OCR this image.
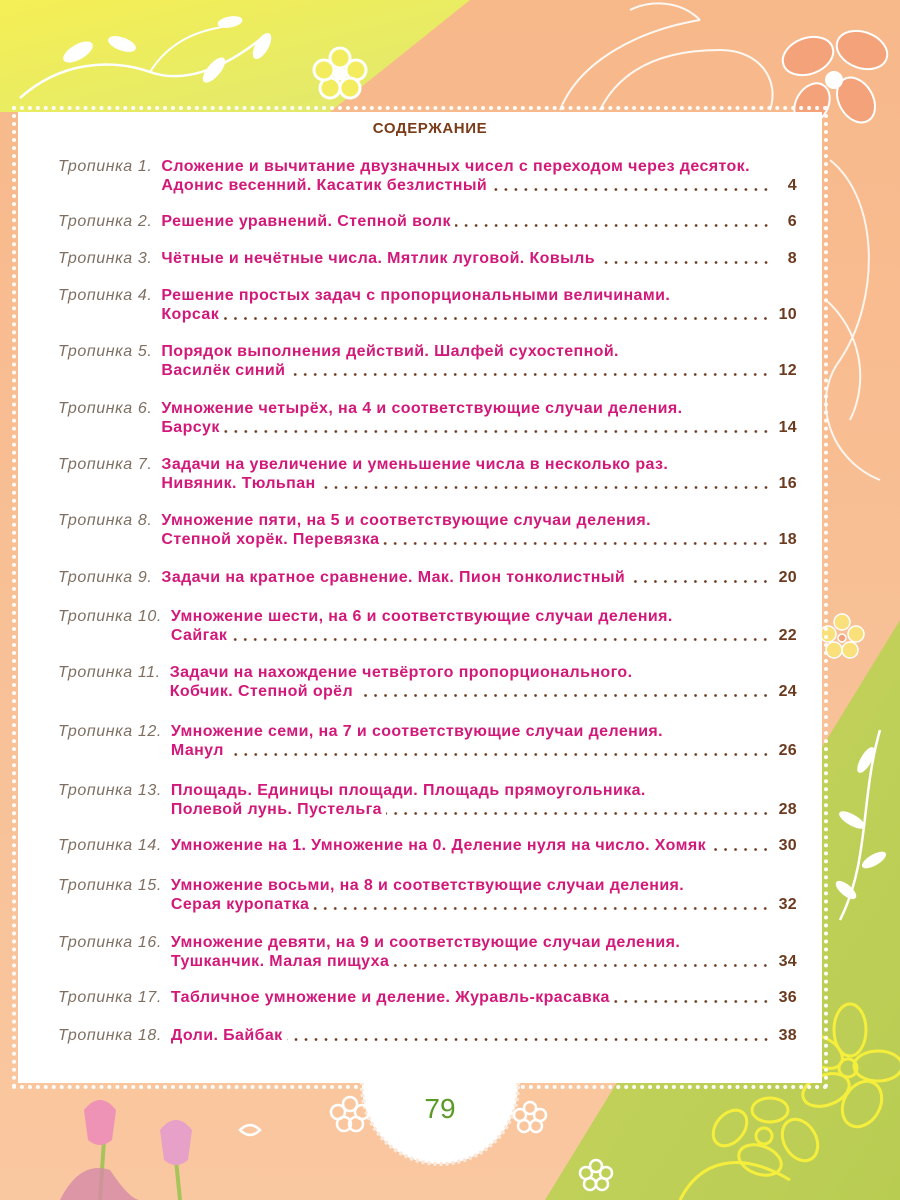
СОДЕРЖАНИЕ
Тропинка 1. Сложение и вычитание двузначных чисел с переходом через десяток.
Адонис весенний. Касатик безлистный	4
Тропинка 2. Решение уравнений. Степной волк	6
Тропинка 3. Чётные и нечётные числа. Мятлик луговой. Ковыль	8
Тропинка 4. Решение простых задач с пропорциональными величинами.
Корсак	10
Тропинка 5. Порядок выполнения действий. Шалфей сухостепной.
Василёк синий	12
Тропинка 6. Умножение четырёх, на 4 и соответствующие случаи деления.
Барсук	14
Тропинка 7. Задачи на увеличение и уменьшение числа в несколько раз.
Нивяник. Тюльпан	16
Тропинка 8. Умножение пяти, на 5 и соответствующие случаи деления.
Степной хорёк. Перевязка	18
Тропинка 9. Задачи на кратное сравнение. Мак. Пион тонколистный	20
Тропинка 10. Умножение шести, на 6 и соответствующие случаи деления.
Сайгак	22
Тропинка 11. Задачи на нахождение четвёртого пропорционального.
Кобчик. Степной орёл	24
Тропинка 12. Умножение семи, на 7 и соответствующие случаи деления.
Манул	26
Тропинка 13. Площадь. Единицы площади. Площадь прямоугольника.
Полевой лунь. Пустельга	28
Тропинка 14. Умножение на 1. Умножение на 0. Деление нуля на число. Хомяк	30
Тропинка 15. Умножение восьми, на 8 и соответствующие случаи деления.
Серая куропатка	32
Тропинка 16. Умножение девяти, на 9 и соответствующие случаи деления.
Тушканчик. Малая пищуха	34
Тропинка 17. Табличное умножение и деление. Журавль-красавка	36
Тропинка 18. Доли. Байбак	38
79
